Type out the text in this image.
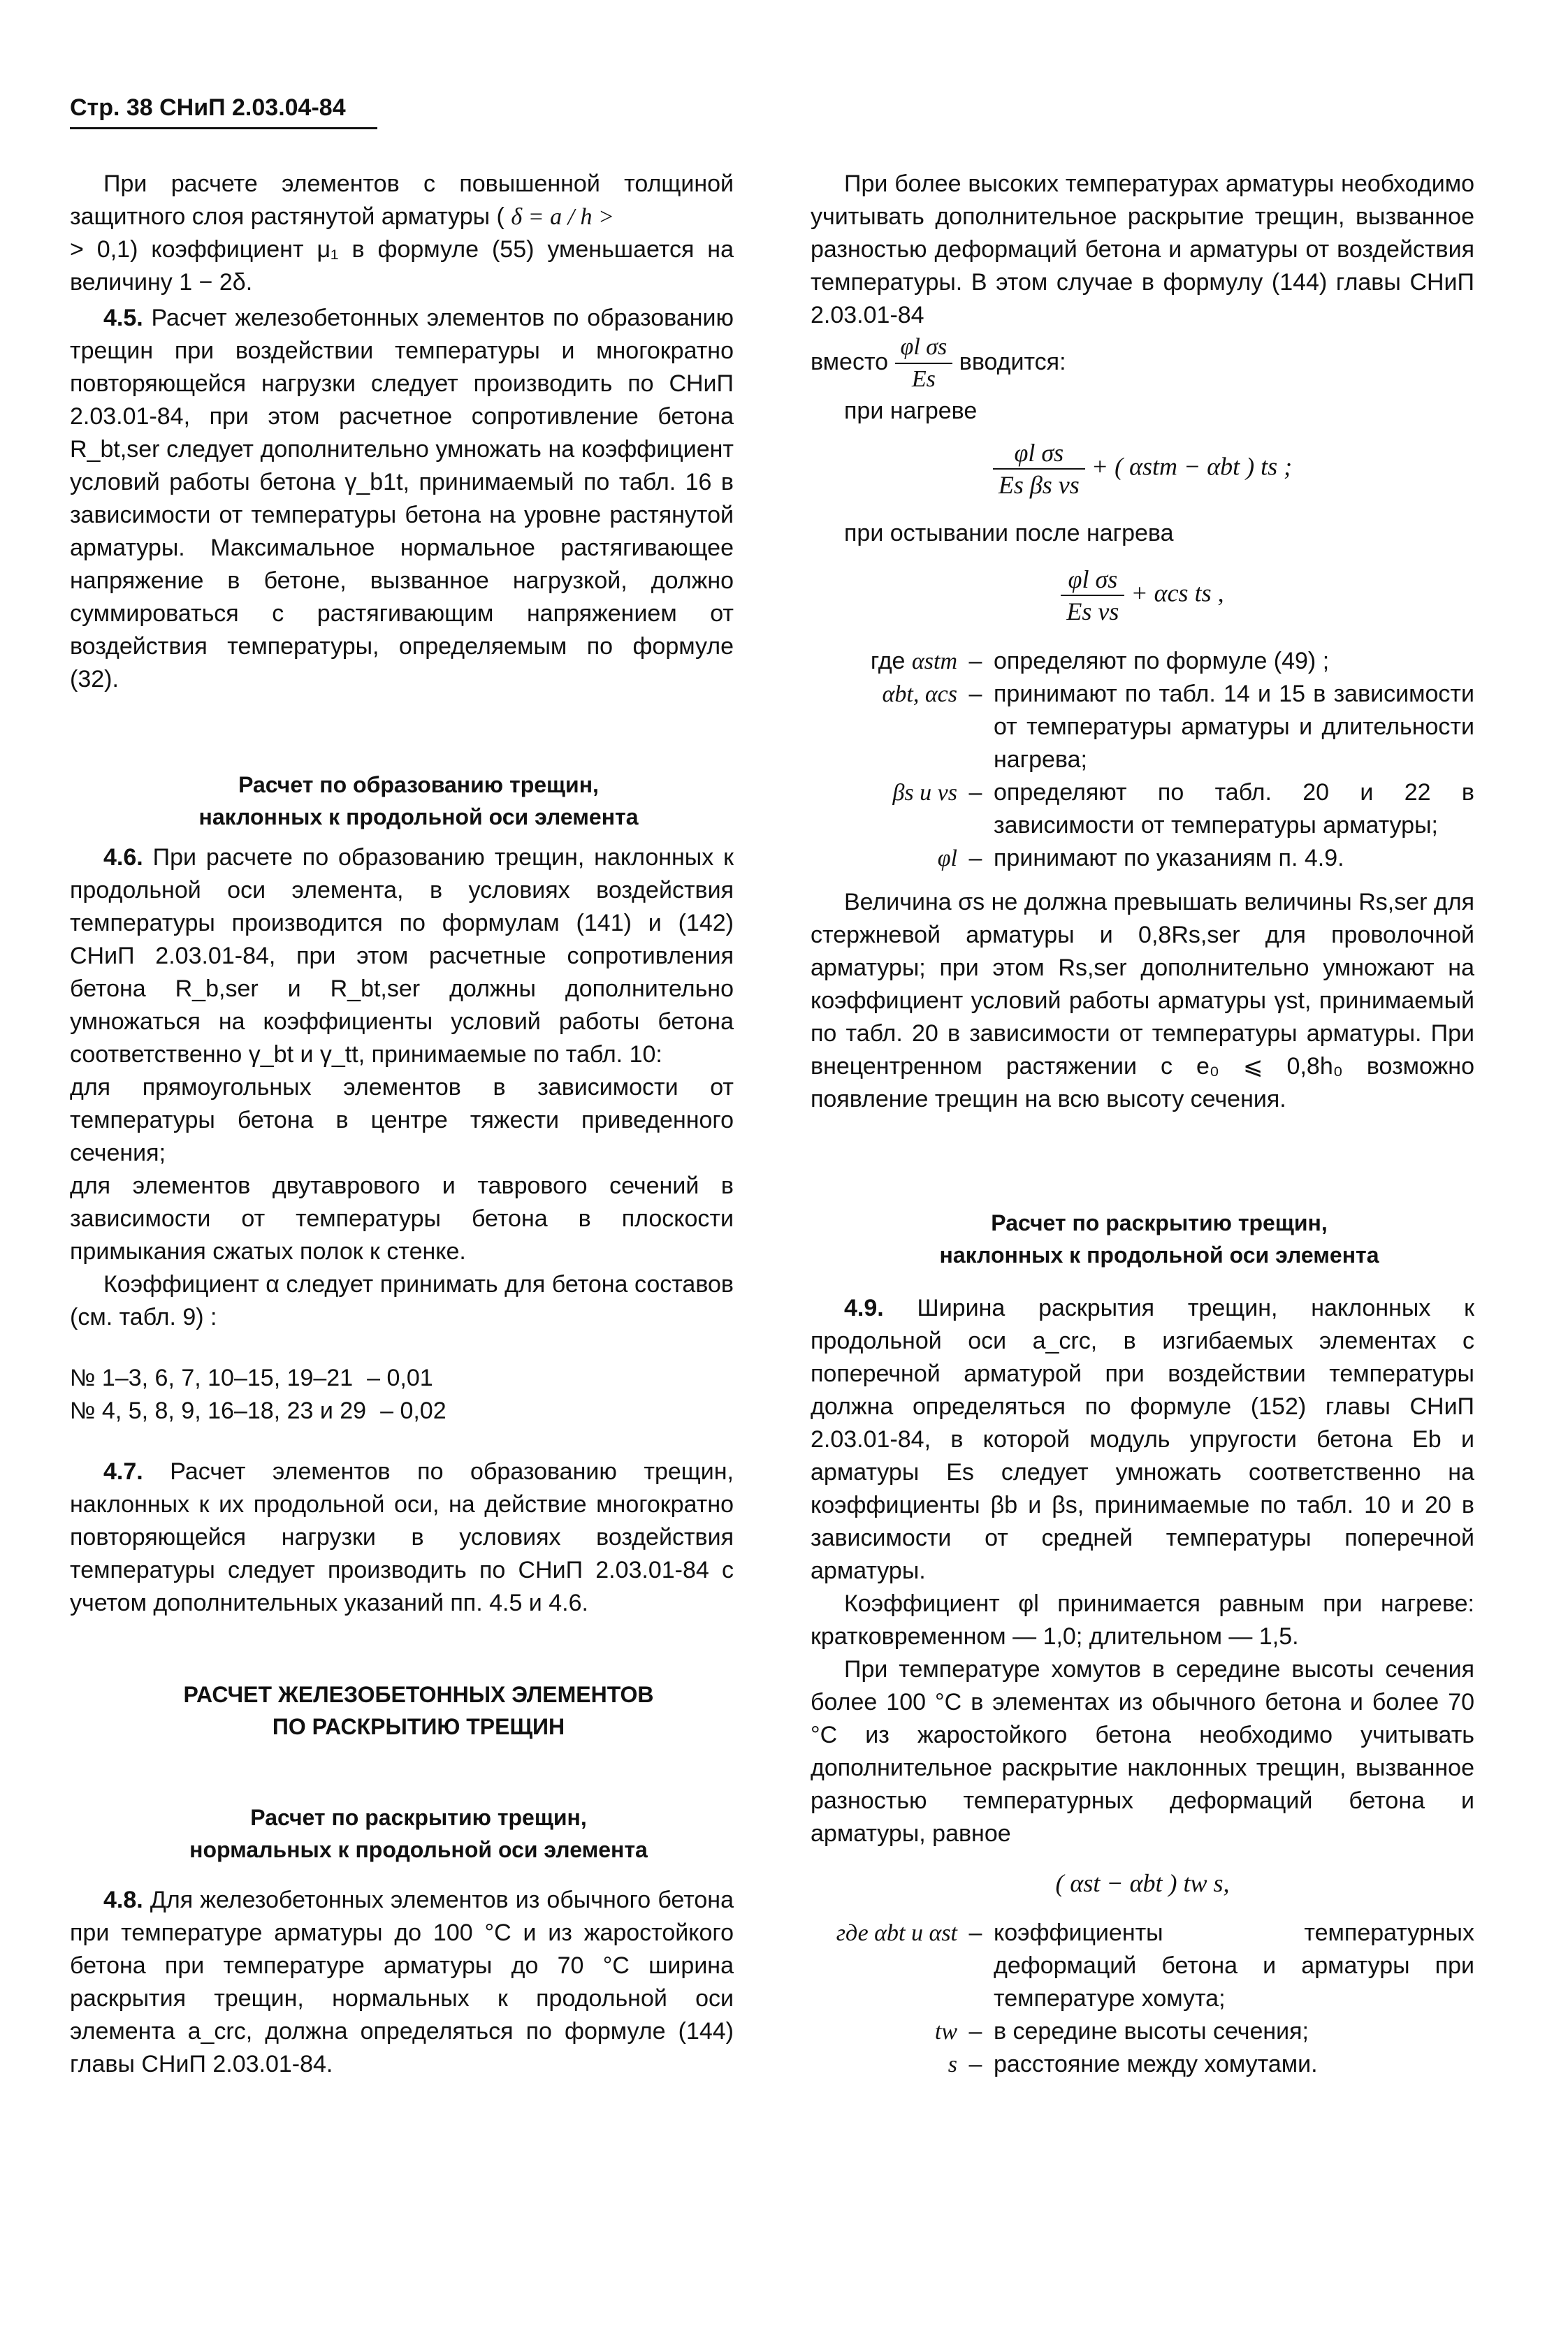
Стр. 38 СНиП 2.03.04-84

При расчете элементов с повышенной толщиной защитного слоя растянутой арматуры ( δ = a / h >

> 0,1) коэффициент μ₁ в формуле (55) уменьшается на величину 1 − 2δ.

4.5. Расчет железобетонных элементов по образованию трещин при воздействии температуры и многократно повторяющейся нагрузки следует производить по СНиП 2.03.01-84, при этом расчетное сопротивление бетона R_bt,ser следует дополнительно умножать на коэффициент условий работы бетона γ_b1t, принимаемый по табл. 16 в зависимости от температуры бетона на уровне растянутой арматуры. Максимальное нормальное растягивающее напряжение в бетоне, вызванное нагрузкой, должно суммироваться с растягивающим напряжением от воздействия температуры, определяемым по формуле (32).

Расчет по образованию трещин,

наклонных к продольной оси элемента

4.6. При расчете по образованию трещин, наклонных к продольной оси элемента, в условиях воздействия температуры производится по формулам (141) и (142) СНиП 2.03.01-84, при этом расчетные сопротивления бетона R_b,ser и R_bt,ser должны дополнительно умножаться на коэффициенты условий работы бетона соответственно γ_bt и γ_tt, принимаемые по табл. 10:

для прямоугольных элементов в зависимости от температуры бетона в центре тяжести приведенного сечения;

для элементов двутаврового и таврового сечений в зависимости от температуры бетона в плоскости примыкания сжатых полок к стенке.

Коэффициент α следует принимать для бетона составов (см. табл. 9) :

№ 1–3, 6, 7, 10–15, 19–21 – 0,01
№ 4, 5, 8, 9, 16–18, 23 и 29 – 0,02

4.7. Расчет элементов по образованию трещин, наклонных к их продольной оси, на действие многократно повторяющейся нагрузки в условиях воздействия температуры следует производить по СНиП 2.03.01-84 с учетом дополнительных указаний пп. 4.5 и 4.6.

РАСЧЕТ ЖЕЛЕЗОБЕТОННЫХ ЭЛЕМЕНТОВ

ПО РАСКРЫТИЮ ТРЕЩИН

Расчет по раскрытию трещин,

нормальных к продольной оси элемента

4.8. Для железобетонных элементов из обычного бетона при температуре арматуры до 100 °С и из жаростойкого бетона при температуре арматуры до 70 °С ширина раскрытия трещин, нормальных к продольной оси элемента a_crc, должна определяться по формуле (144) главы СНиП 2.03.01-84.

При более высоких температурах арматуры необходимо учитывать дополнительное раскрытие трещин, вызванное разностью деформаций бетона и арматуры от воздействия температуры. В этом случае в формулу (144) главы СНиП 2.03.01-84

вместо $\frac{\text{φl σs}}{Es}$ вводится:

при нагреве

$\frac{\text{φl σs}}{\text{Es βs νs}}$ + ( αstm − αbt ) ts ;

при остывании после нагрева

$\frac{\text{φl σs}}{\text{Es νs}} + \alpha cs$ ts ,
где αstm – определяют по формуле (49) ;
αbt, αcs – принимают по табл. 14 и 15 в зависимости от температуры арматуры и длительности нагрева;
βs и νs – определяют по табл. 20 и 22 в зависимости от температуры арматуры;
φl – принимают по указаниям п. 4.9.

Величина σs не должна превышать величины Rs,ser для стержневой арматуры и 0,8Rs,ser для проволочной арматуры; при этом Rs,ser дополнительно умножают на коэффициент условий работы арматуры γst, принимаемый по табл. 20 в зависимости от температуры арматуры. При внецентренном растяжении с e₀ ⩽ 0,8h₀ возможно появление трещин на всю высоту сечения.

Расчет по раскрытию трещин,

наклонных к продольной оси элемента

4.9. Ширина раскрытия трещин, наклонных к продольной оси a_crc, в изгибаемых элементах с поперечной арматурой при воздействии температуры должна определяться по формуле (152) главы СНиП 2.03.01-84, в которой модуль упругости бетона Eb и арматуры Es следует умножать соответственно на коэффициенты βb и βs, принимаемые по табл. 10 и 20 в зависимости от средней температуры поперечной арматуры.

Коэффициент φl принимается равным при нагреве: кратковременном — 1,0; длительном — 1,5.

При температуре хомутов в середине высоты сечения более 100 °С в элементах из обычного бетона и более 70 °С из жаростойкого бетона необходимо учитывать дополнительное раскрытие наклонных трещин, вызванное разностью температурных деформаций бетона и арматуры, равное

( αst − αbt ) tw s,
где αbt и αst – коэффициенты температурных деформаций бетона и арматуры при температуре хомута;
tw – в середине высоты сечения;
s – расстояние между хомутами.
